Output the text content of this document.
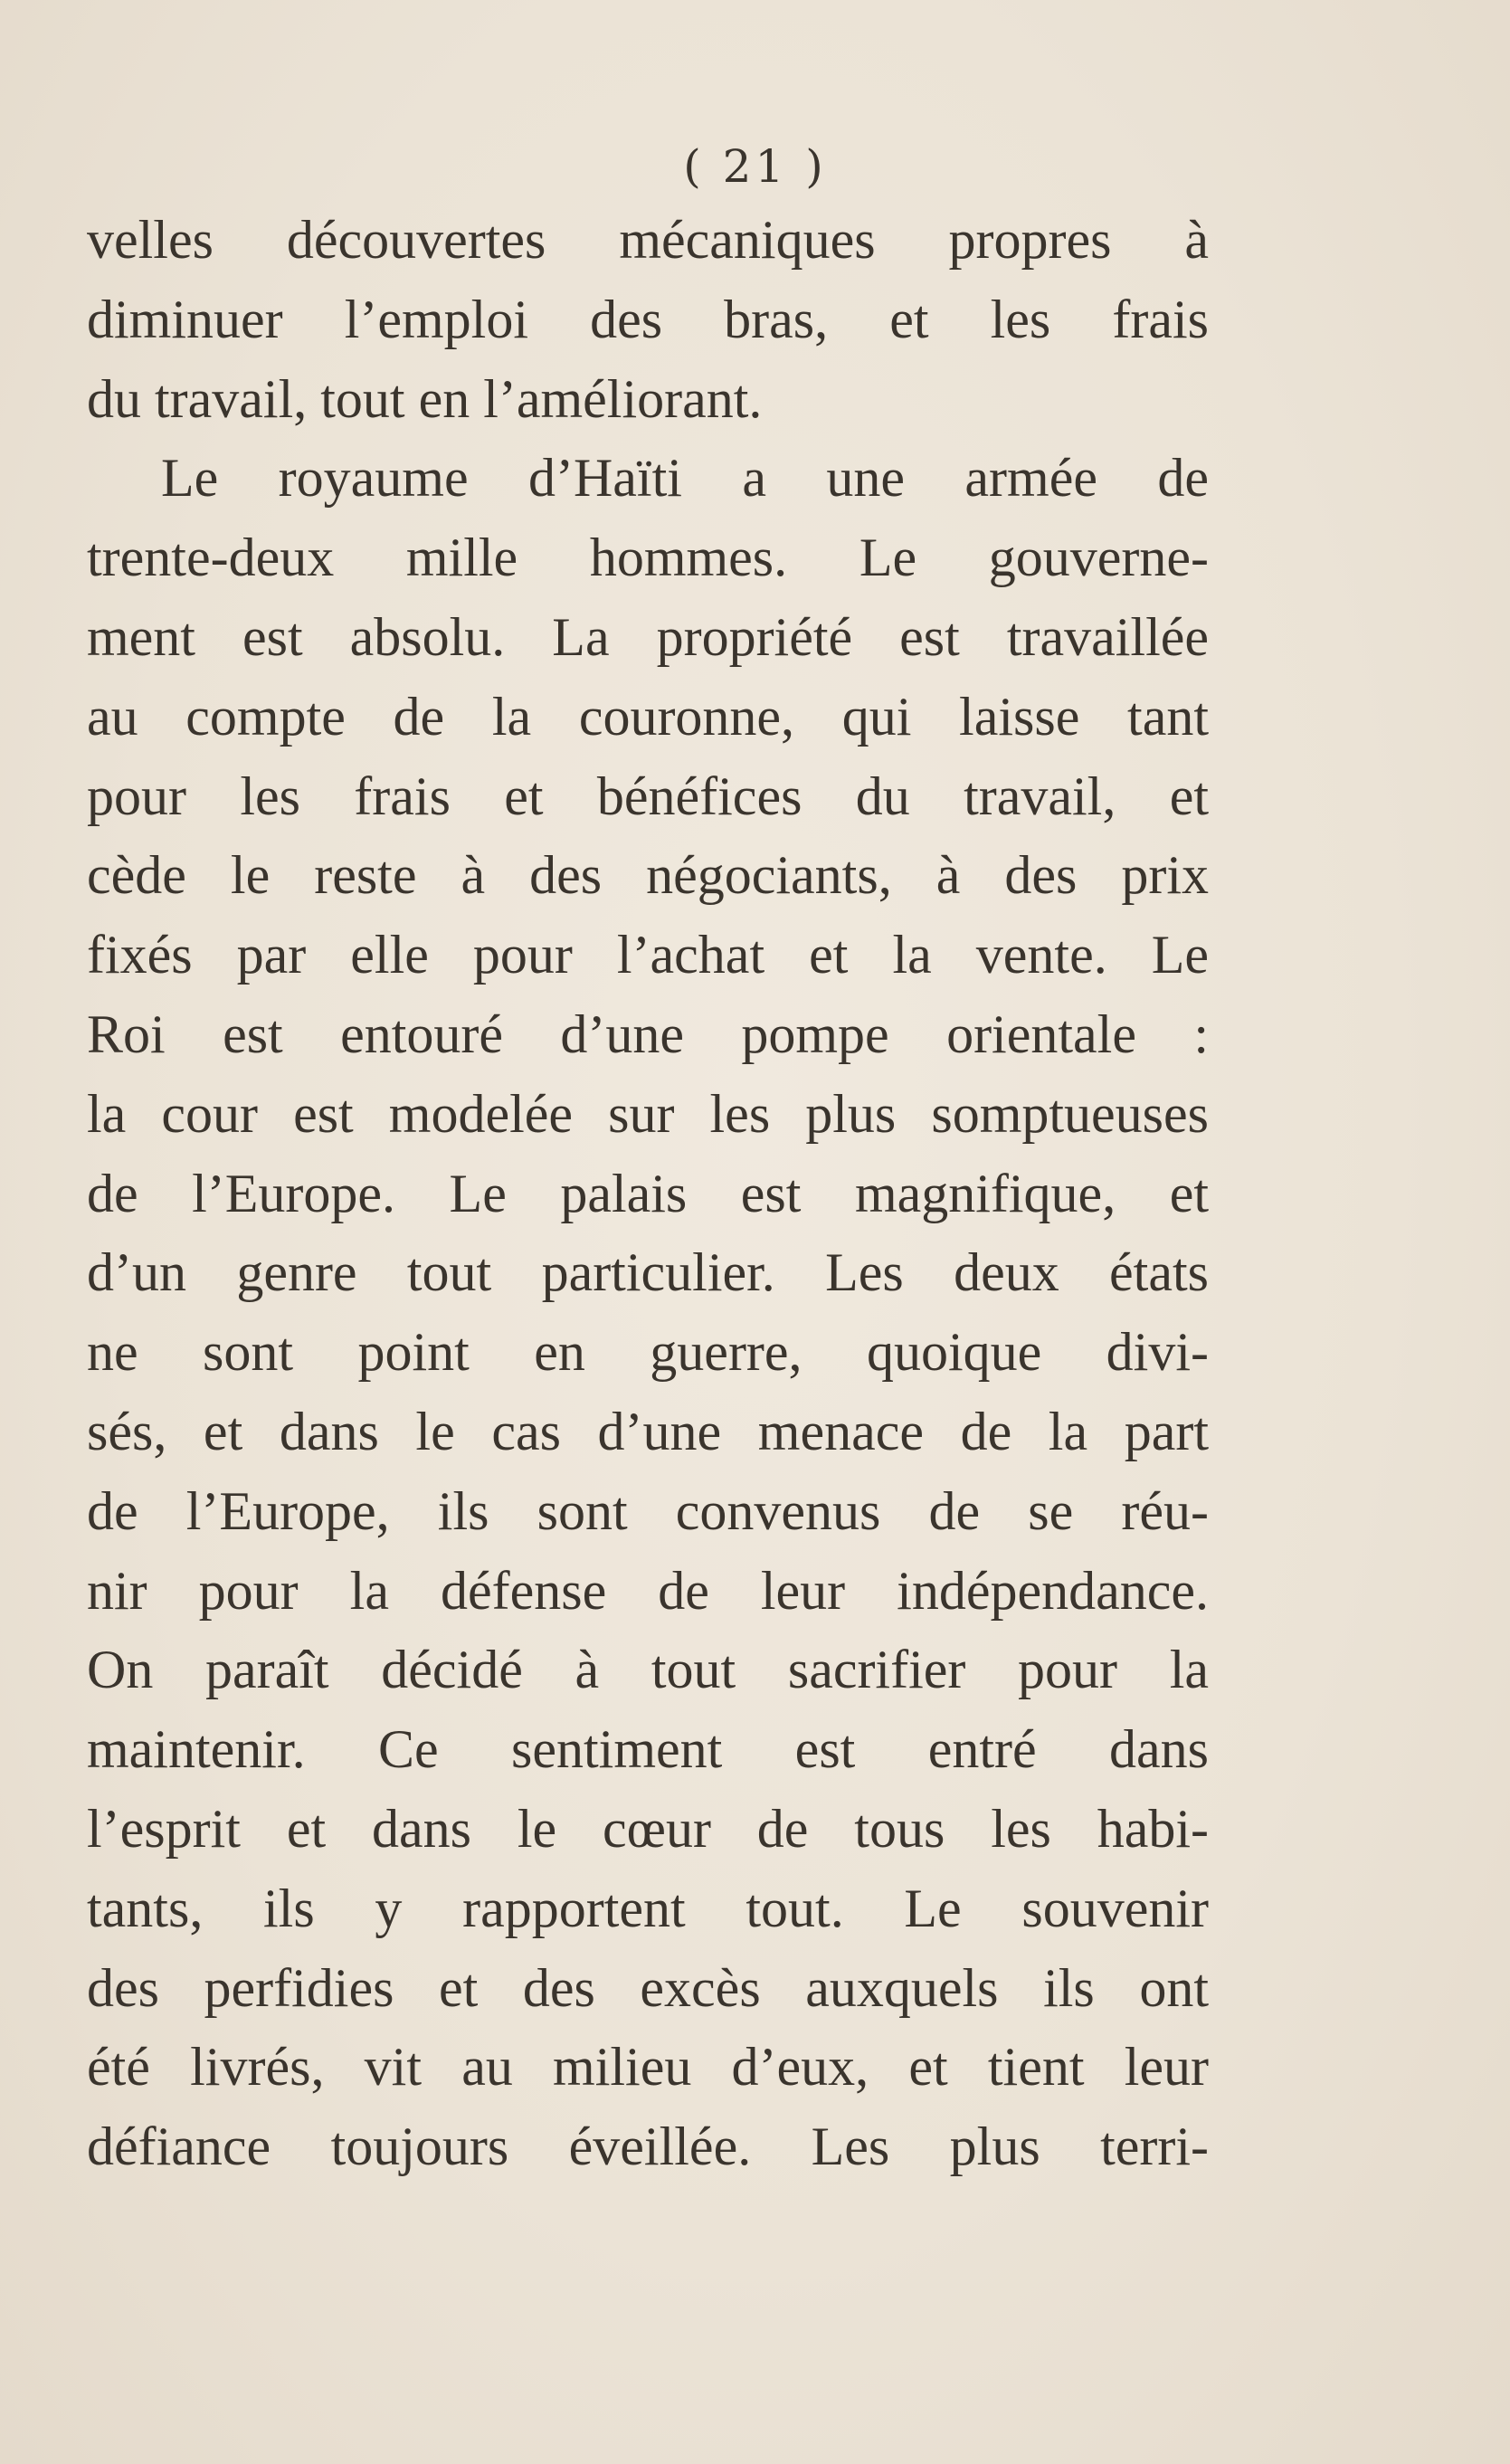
( 21 )
velles découvertes mécaniques propres à
diminuer l’emploi des bras, et les frais
du travail, tout en l’améliorant.
Le royaume d’Haïti a une armée de
trente-deux mille hommes. Le gouverne-
ment est absolu. La propriété est travaillée
au compte de la couronne, qui laisse tant
pour les frais et bénéfices du travail, et
cède le reste à des négociants, à des prix
fixés par elle pour l’achat et la vente. Le
Roi est entouré d’une pompe orientale :
la cour est modelée sur les plus somptueuses
de l’Europe. Le palais est magnifique, et
d’un genre tout particulier. Les deux états
ne sont point en guerre, quoique divi-
sés, et dans le cas d’une menace de la part
de l’Europe, ils sont convenus de se réu-
nir pour la défense de leur indépendance.
On paraît décidé à tout sacrifier pour la
maintenir. Ce sentiment est entré dans
l’esprit et dans le cœur de tous les habi-
tants, ils y rapportent tout. Le souvenir
des perfidies et des excès auxquels ils ont
été livrés, vit au milieu d’eux, et tient leur
défiance toujours éveillée. Les plus terri-
